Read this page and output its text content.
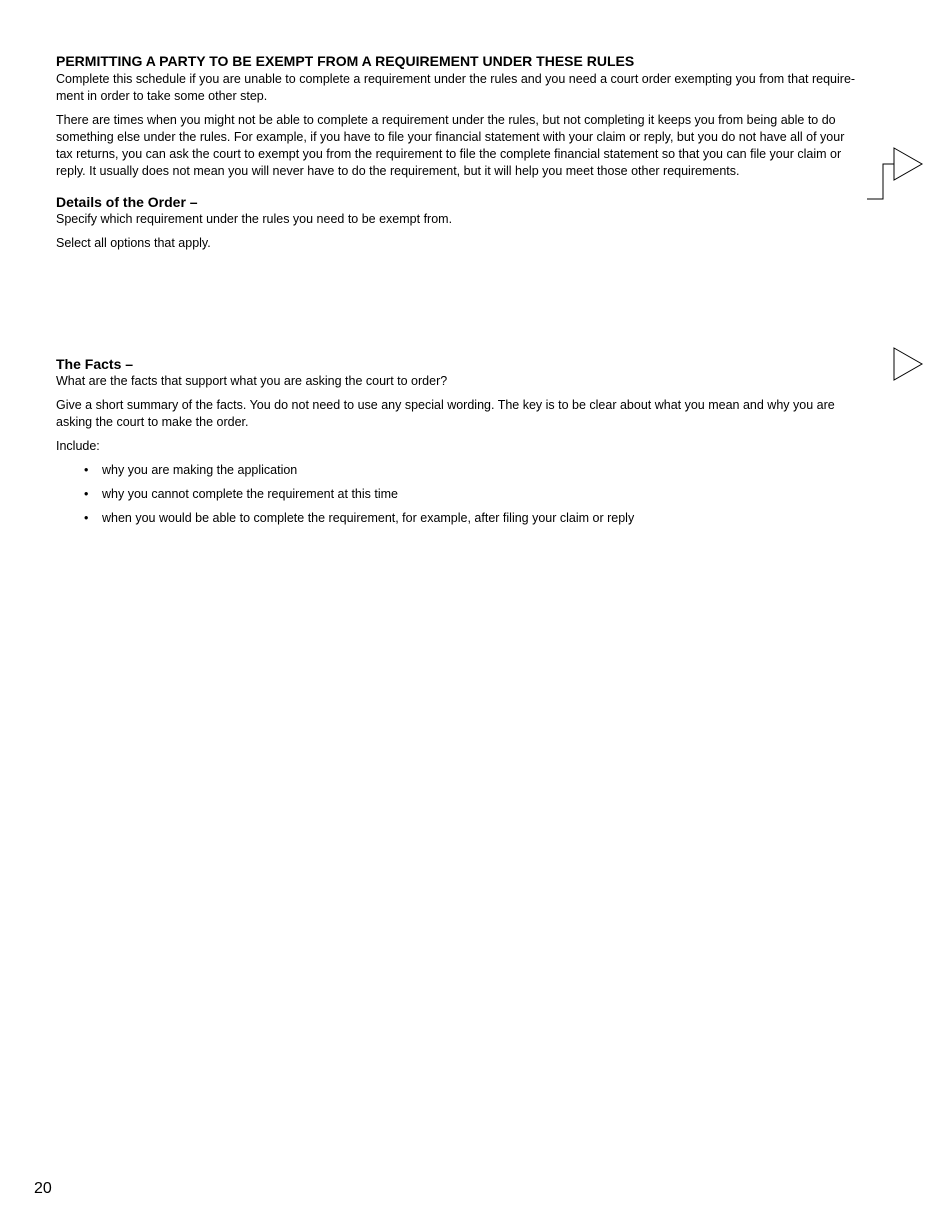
PERMITTING A PARTY TO BE EXEMPT FROM A REQUIREMENT UNDER THESE RULES

Complete this schedule if you are unable to complete a requirement under the rules and you need a court order exempting you from that require-ment in order to take some other step.

There are times when you might not be able to complete a requirement under the rules, but not completing it keeps you from being able to do something else under the rules. For example, if you have to file your financial statement with your claim or reply, but you do not have all of your tax returns, you can ask the court to exempt you from the requirement to file the complete financial statement so that you can file your claim or reply. It usually does not mean you will never have to do the requirement, but it will help you meet those other requirements.

Details of the Order –

Specify which requirement under the rules you need to be exempt from.

Select all options that apply.

The Facts –

What are the facts that support what you are asking the court to order?

Give a short summary of the facts. You do not need to use any special wording. The key is to be clear about what you mean and why you are asking the court to make the order.

Include:

• why you are making the application
• why you cannot complete the requirement at this time
• when you would be able to complete the requirement, for example, after filing your claim or reply
20
